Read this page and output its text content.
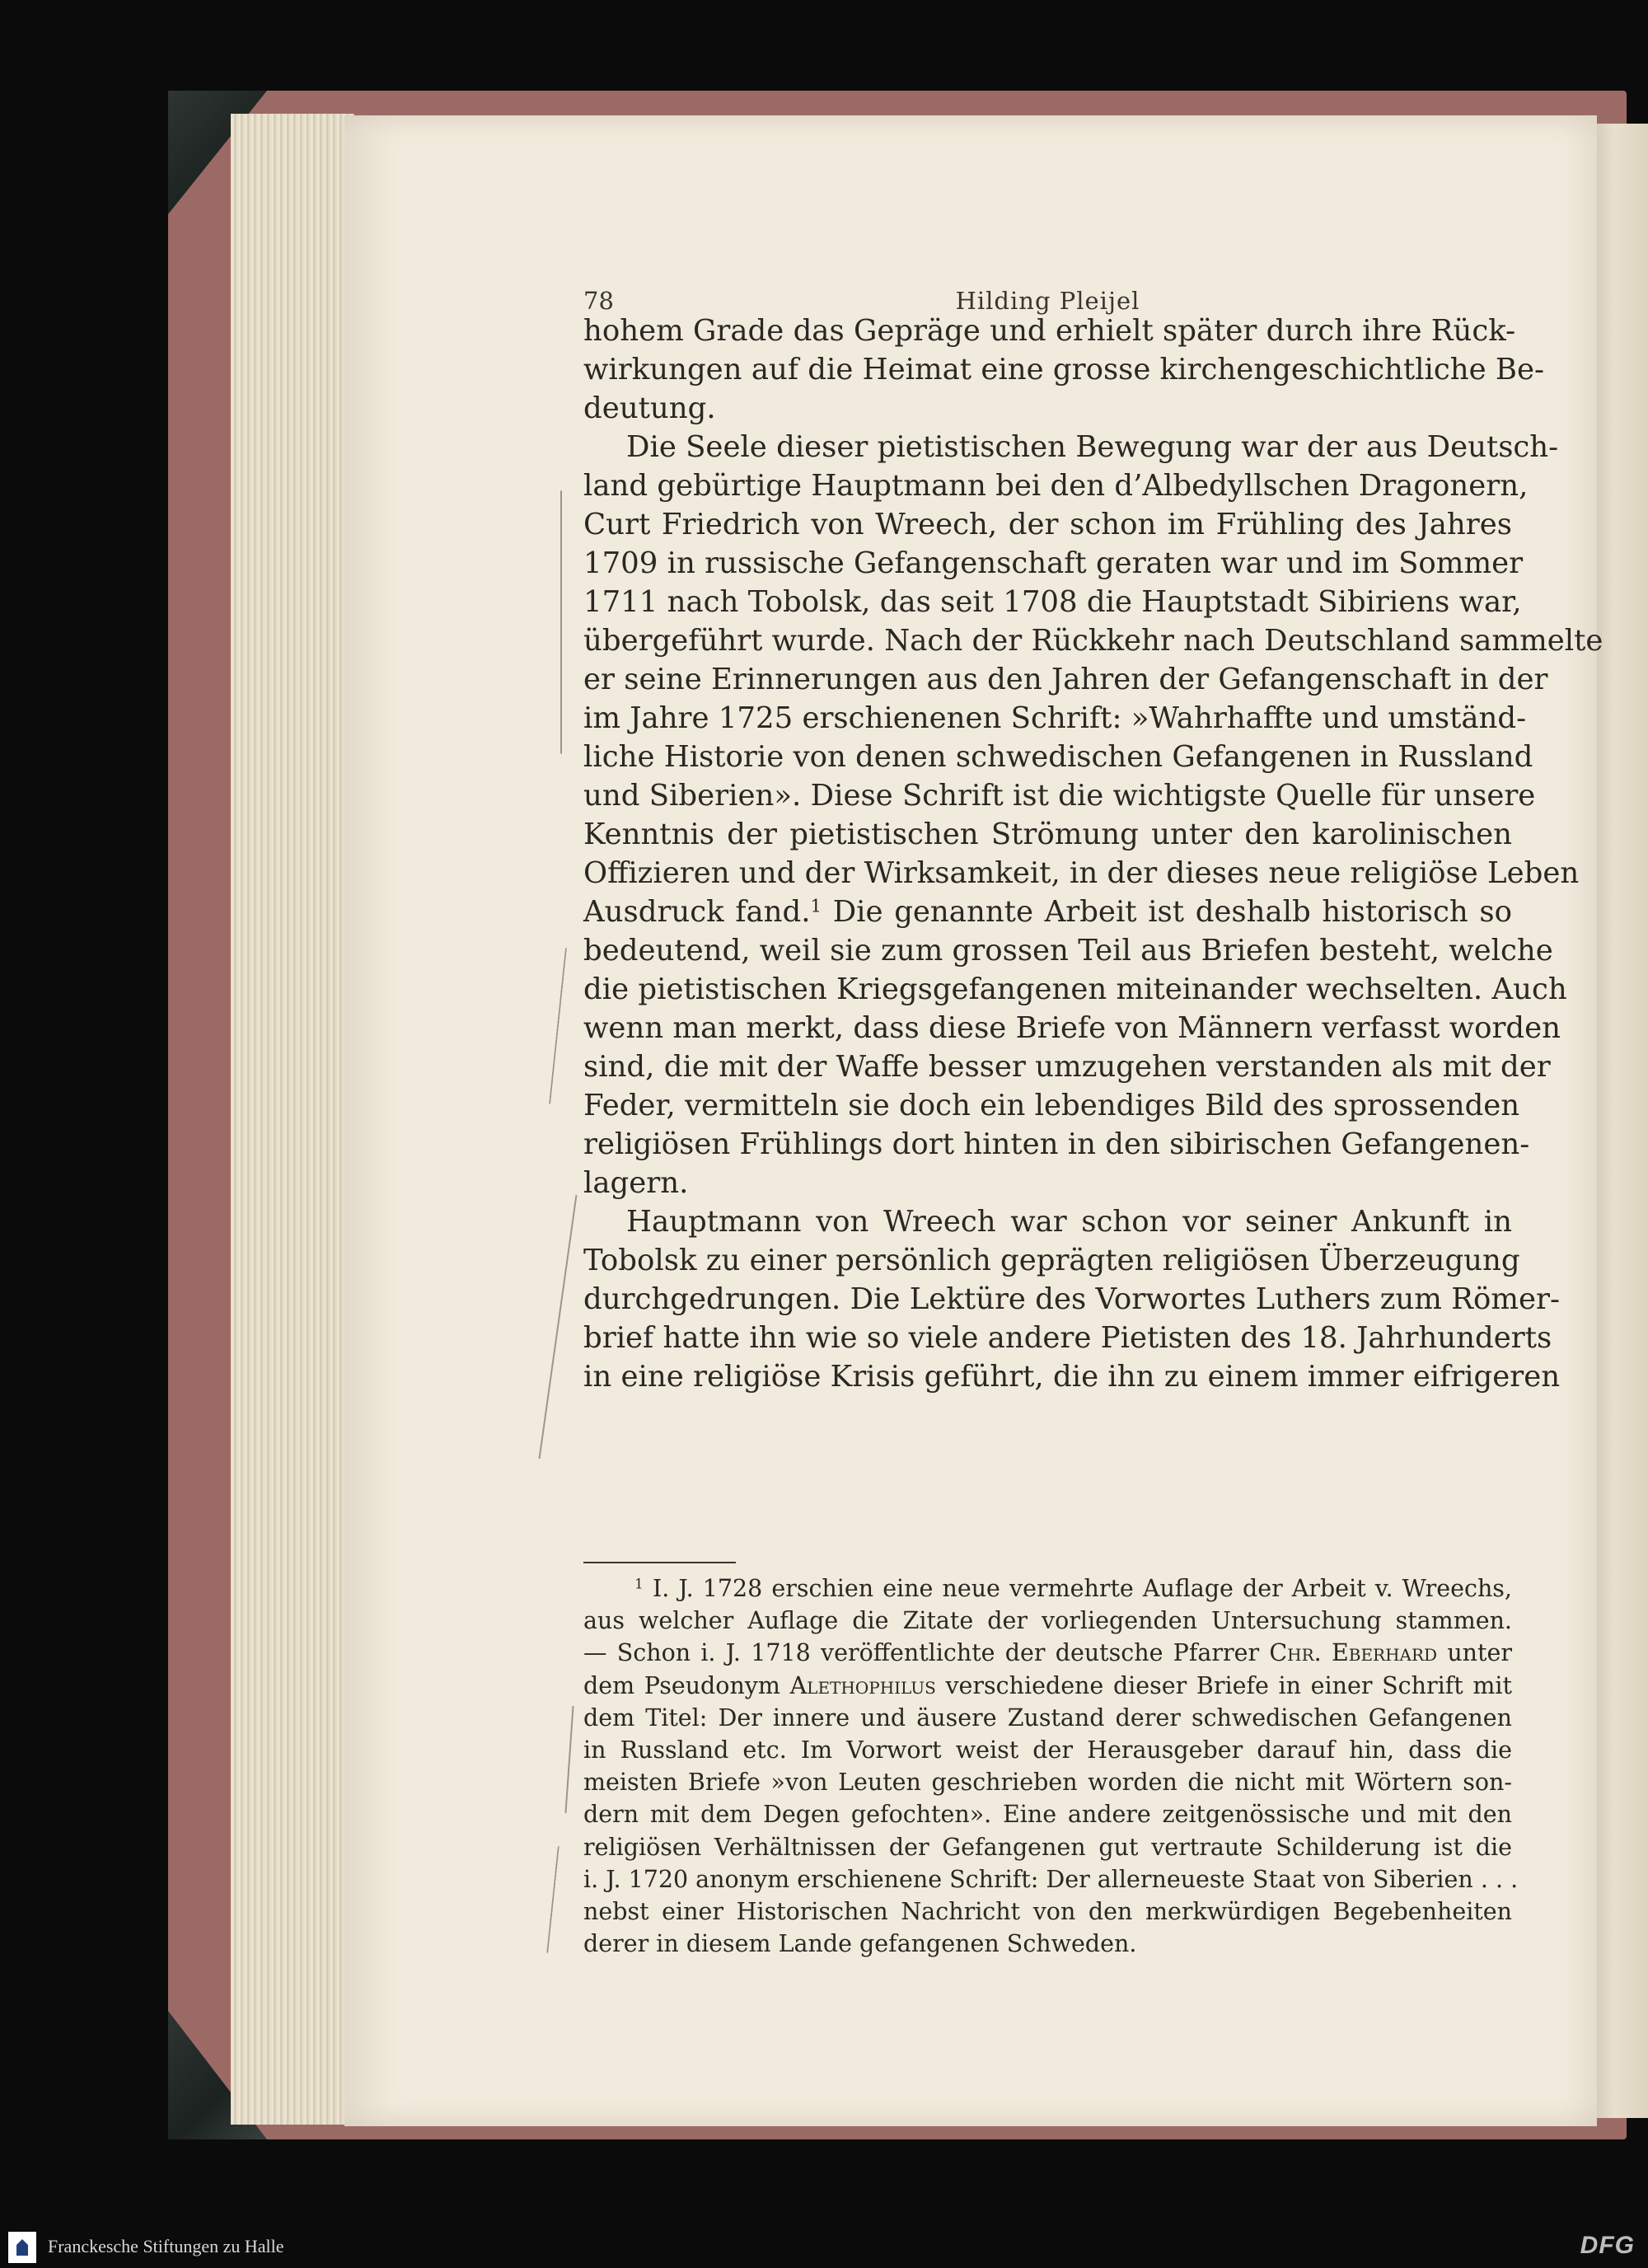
78	Hilding Pleijel
hohem Grade das Gepräge und erhielt später durch ihre Rück-
wirkungen auf die Heimat eine grosse kirchengeschichtliche Be-
deutung.
Die Seele dieser pietistischen Bewegung war der aus Deutsch-
land gebürtige Hauptmann bei den d’Albedyllschen Dragonern,
Curt Friedrich von Wreech, der schon im Frühling des Jahres
1709 in russische Gefangenschaft geraten war und im Sommer
1711 nach Tobolsk, das seit 1708 die Hauptstadt Sibiriens war,
übergeführt wurde. Nach der Rückkehr nach Deutschland sammelte
er seine Erinnerungen aus den Jahren der Gefangenschaft in der
im Jahre 1725 erschienenen Schrift: »Wahrhaffte und umständ-
liche Historie von denen schwedischen Gefangenen in Russland
und Siberien». Diese Schrift ist die wichtigste Quelle für unsere
Kenntnis der pietistischen Strömung unter den karolinischen
Offizieren und der Wirksamkeit, in der dieses neue religiöse Leben
Ausdruck fand.$^1$ Die genannte Arbeit ist deshalb historisch so
bedeutend, weil sie zum grossen Teil aus Briefen besteht, welche
die pietistischen Kriegsgefangenen miteinander wechselten. Auch
wenn man merkt, dass diese Briefe von Männern verfasst worden
sind, die mit der Waffe besser umzugehen verstanden als mit der
Feder, vermitteln sie doch ein lebendiges Bild des sprossenden
religiösen Frühlings dort hinten in den sibirischen Gefangenen-
lagern.
Hauptmann von Wreech war schon vor seiner Ankunft in
Tobolsk zu einer persönlich geprägten religiösen Überzeugung
durchgedrungen. Die Lektüre des Vorwortes Luthers zum Römer-
brief hatte ihn wie so viele andere Pietisten des 18. Jahrhunderts
in eine religiöse Krisis geführt, die ihn zu einem immer eifrigeren
$^1$ I. J. 1728 erschien eine neue vermehrte Auflage der Arbeit v. Wreechs,
aus welcher Auflage die Zitate der vorliegenden Untersuchung stammen.
— Schon i. J. 1718 veröffentlichte der deutsche Pfarrer Chr. Eberhard unter
dem Pseudonym Alethophilus verschiedene dieser Briefe in einer Schrift mit
dem Titel: Der innere und äusere Zustand derer schwedischen Gefangenen
in Russland etc. Im Vorwort weist der Herausgeber darauf hin, dass die
meisten Briefe »von Leuten geschrieben worden die nicht mit Wörtern son-
dern mit dem Degen gefochten». Eine andere zeitgenössische und mit den
religiösen Verhältnissen der Gefangenen gut vertraute Schilderung ist die
i. J. 1720 anonym erschienene Schrift: Der allerneueste Staat von Siberien . . .
nebst einer Historischen Nachricht von den merkwürdigen Begebenheiten
derer in diesem Lande gefangenen Schweden.
Franckesche Stiftungen zu Halle	DFG
